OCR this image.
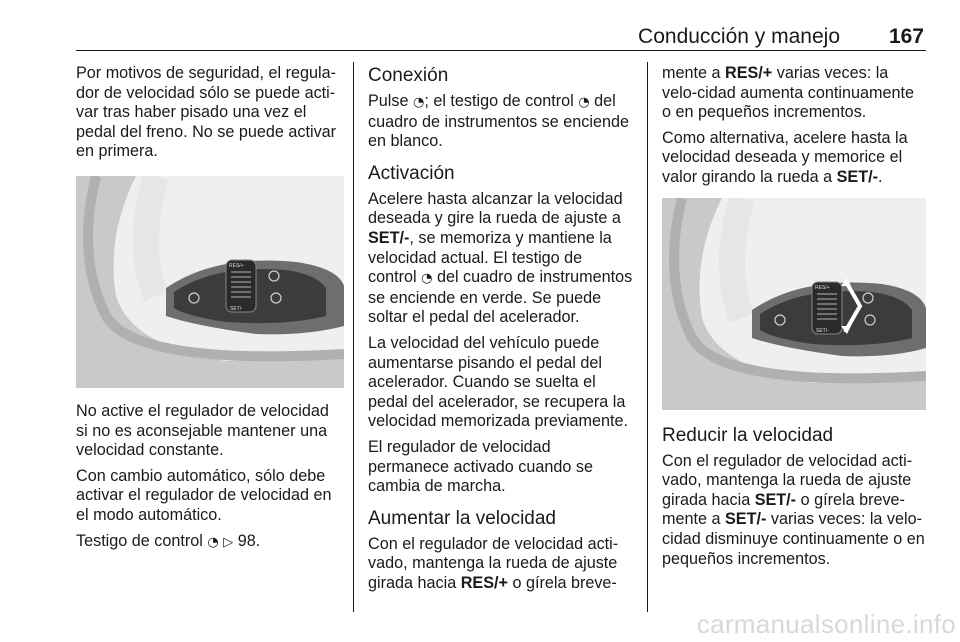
Conducción y manejo 167

Por motivos de seguridad, el regula-dor de velocidad sólo se puede acti-var tras haber pisado una vez el pedal del freno. No se puede activar en primera.

RES/+
SET/-

No active el regulador de velocidad si no es aconsejable mantener una velocidad constante.

Con cambio automático, sólo debe activar el regulador de velocidad en el modo automático.

Testigo de control ◔ ▷ 98.

Conexión

Pulse ◔; el testigo de control ◔ del cuadro de instrumentos se enciende en blanco.

Activación

Acelere hasta alcanzar la velocidad deseada y gire la rueda de ajuste a SET/-, se memoriza y mantiene la velocidad actual. El testigo de control ◔ del cuadro de instrumentos se enciende en verde. Se puede soltar el pedal del acelerador.

La velocidad del vehículo puede aumentarse pisando el pedal del acelerador. Cuando se suelta el pedal del acelerador, se recupera la velocidad memorizada previamente.

El regulador de velocidad permanece activado cuando se cambia de marcha.

Aumentar la velocidad

Con el regulador de velocidad acti-vado, mantenga la rueda de ajuste girada hacia RES/+ o gírela breve-

mente a RES/+ varias veces: la velo-cidad aumenta continuamente o en pequeños incrementos.

Como alternativa, acelere hasta la velocidad deseada y memorice el valor girando la rueda a SET/-.

RES/+
SET/-
Reducir la velocidad

Con el regulador de velocidad acti-vado, mantenga la rueda de ajuste girada hacia SET/- o gírela breve-mente a SET/- varias veces: la velo-cidad disminuye continuamente o en pequeños incrementos.

carmanualsonline.info
